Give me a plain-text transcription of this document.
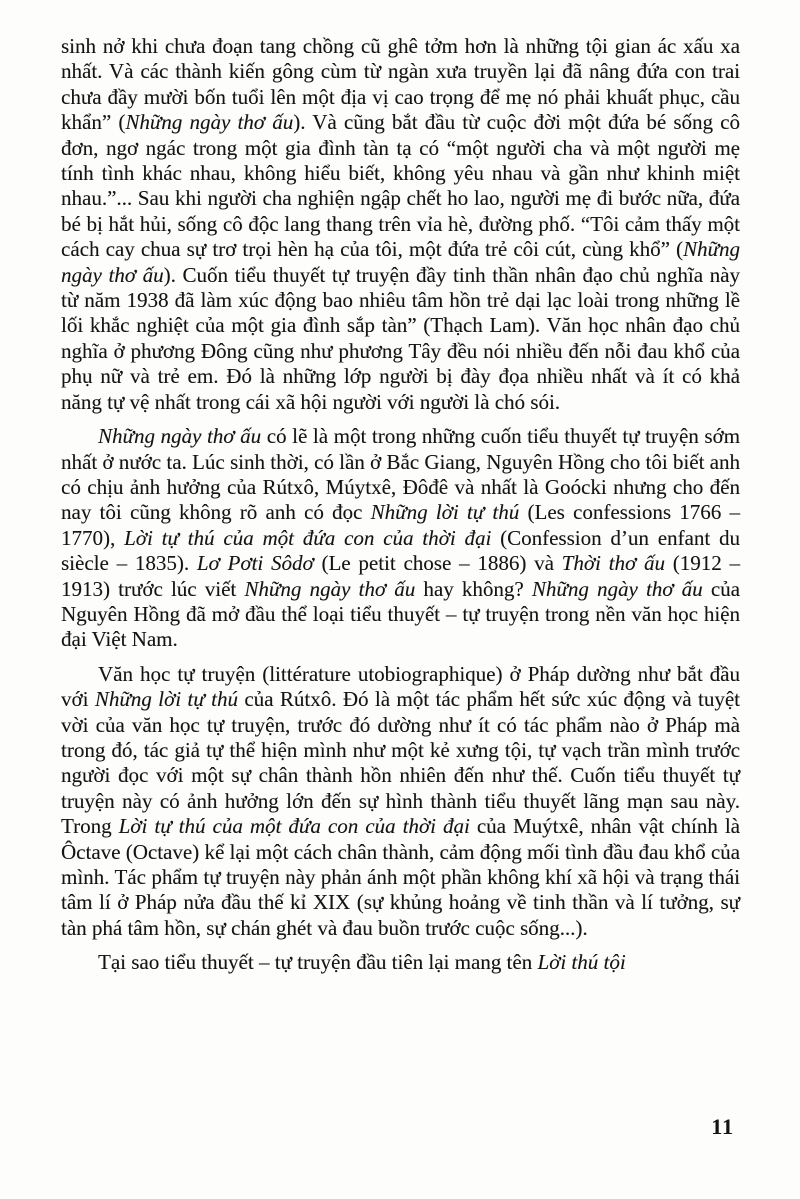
sinh nở khi chưa đoạn tang chồng cũ ghê tởm hơn là những tội gian ác xấu xa nhất. Và các thành kiến gông cùm từ ngàn xưa truyền lại đã nâng đứa con trai chưa đầy mười bốn tuổi lên một địa vị cao trọng để mẹ nó phải khuất phục, cầu khẩn” (Những ngày thơ ấu). Và cũng bắt đầu từ cuộc đời một đứa bé sống cô đơn, ngơ ngác trong một gia đình tàn tạ có “một người cha và một người mẹ tính tình khác nhau, không hiểu biết, không yêu nhau và gần như khinh miệt nhau.”... Sau khi người cha nghiện ngập chết ho lao, người mẹ đi bước nữa, đứa bé bị hắt hủi, sống cô độc lang thang trên vỉa hè, đường phố. “Tôi cảm thấy một cách cay chua sự trơ trọi hèn hạ của tôi, một đứa trẻ côi cút, cùng khổ” (Những ngày thơ ấu). Cuốn tiểu thuyết tự truyện đầy tinh thần nhân đạo chủ nghĩa này từ năm 1938 đã làm xúc động bao nhiêu tâm hồn trẻ dại lạc loài trong những lề lối khắc nghiệt của một gia đình sắp tàn” (Thạch Lam). Văn học nhân đạo chủ nghĩa ở phương Đông cũng như phương Tây đều nói nhiều đến nỗi đau khổ của phụ nữ và trẻ em. Đó là những lớp người bị đày đọa nhiều nhất và ít có khả năng tự vệ nhất trong cái xã hội người với người là chó sói.

Những ngày thơ ấu có lẽ là một trong những cuốn tiểu thuyết tự truyện sớm nhất ở nước ta. Lúc sinh thời, có lần ở Bắc Giang, Nguyên Hồng cho tôi biết anh có chịu ảnh hưởng của Rútxô, Múytxê, Đôđê và nhất là Goócki nhưng cho đến nay tôi cũng không rõ anh có đọc Những lời tự thú (Les confessions 1766 – 1770), Lời tự thú của một đứa con của thời đại (Confession d’un enfant du siècle – 1835). Lơ Pơti Sôdơ (Le petit chose – 1886) và Thời thơ ấu (1912 – 1913) trước lúc viết Những ngày thơ ấu hay không? Những ngày thơ ấu của Nguyên Hồng đã mở đầu thể loại tiểu thuyết – tự truyện trong nền văn học hiện đại Việt Nam.

Văn học tự truyện (littérature utobiographique) ở Pháp dường như bắt đầu với Những lời tự thú của Rútxô. Đó là một tác phẩm hết sức xúc động và tuyệt vời của văn học tự truyện, trước đó dường như ít có tác phẩm nào ở Pháp mà trong đó, tác giả tự thể hiện mình như một kẻ xưng tội, tự vạch trần mình trước người đọc với một sự chân thành hồn nhiên đến như thế. Cuốn tiểu thuyết tự truyện này có ảnh hưởng lớn đến sự hình thành tiểu thuyết lãng mạn sau này. Trong Lời tự thú của một đứa con của thời đại của Muýtxê, nhân vật chính là Ôctave (Octave) kể lại một cách chân thành, cảm động mối tình đầu đau khổ của mình. Tác phẩm tự truyện này phản ánh một phần không khí xã hội và trạng thái tâm lí ở Pháp nửa đầu thế kỉ XIX (sự khủng hoảng về tinh thần và lí tưởng, sự tàn phá tâm hồn, sự chán ghét và đau buồn trước cuộc sống...).

Tại sao tiểu thuyết – tự truyện đầu tiên lại mang tên Lời thú tội

11
